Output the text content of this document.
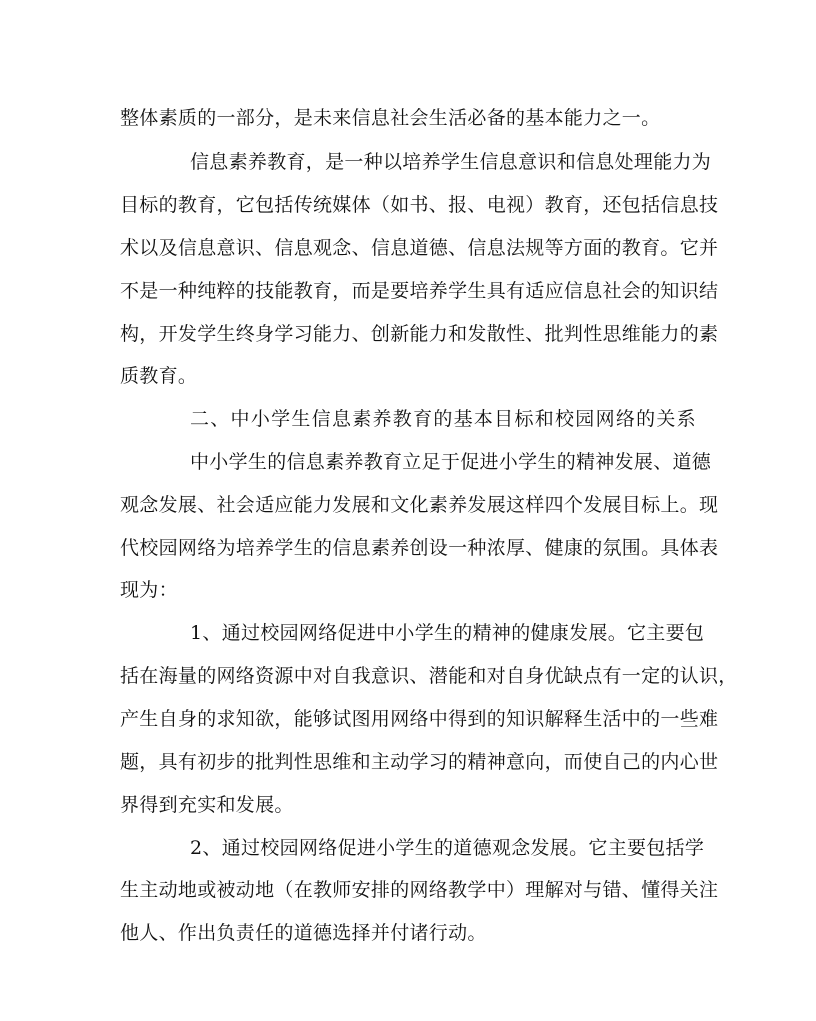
整体素质的一部分，是未来信息社会生活必备的基本能力之一。
信息素养教育，是一种以培养学生信息意识和信息处理能力为
目标的教育，它包括传统媒体（如书、报、电视）教育，还包括信息技
术以及信息意识、信息观念、信息道德、信息法规等方面的教育。它并
不是一种纯粹的技能教育，而是要培养学生具有适应信息社会的知识结
构，开发学生终身学习能力、创新能力和发散性、批判性思维能力的素
质教育。
二、中小学生信息素养教育的基本目标和校园网络的关系
中小学生的信息素养教育立足于促进小学生的精神发展、道德
观念发展、社会适应能力发展和文化素养发展这样四个发展目标上。现
代校园网络为培养学生的信息素养创设一种浓厚、健康的氛围。具体表
现为：
1、通过校园网络促进中小学生的精神的健康发展。它主要包
括在海量的网络资源中对自我意识、潜能和对自身优缺点有一定的认识，
产生自身的求知欲，能够试图用网络中得到的知识解释生活中的一些难
题，具有初步的批判性思维和主动学习的精神意向，而使自己的内心世
界得到充实和发展。
2、通过校园网络促进小学生的道德观念发展。它主要包括学
生主动地或被动地（在教师安排的网络教学中）理解对与错、懂得关注
他人、作出负责任的道德选择并付诸行动。
